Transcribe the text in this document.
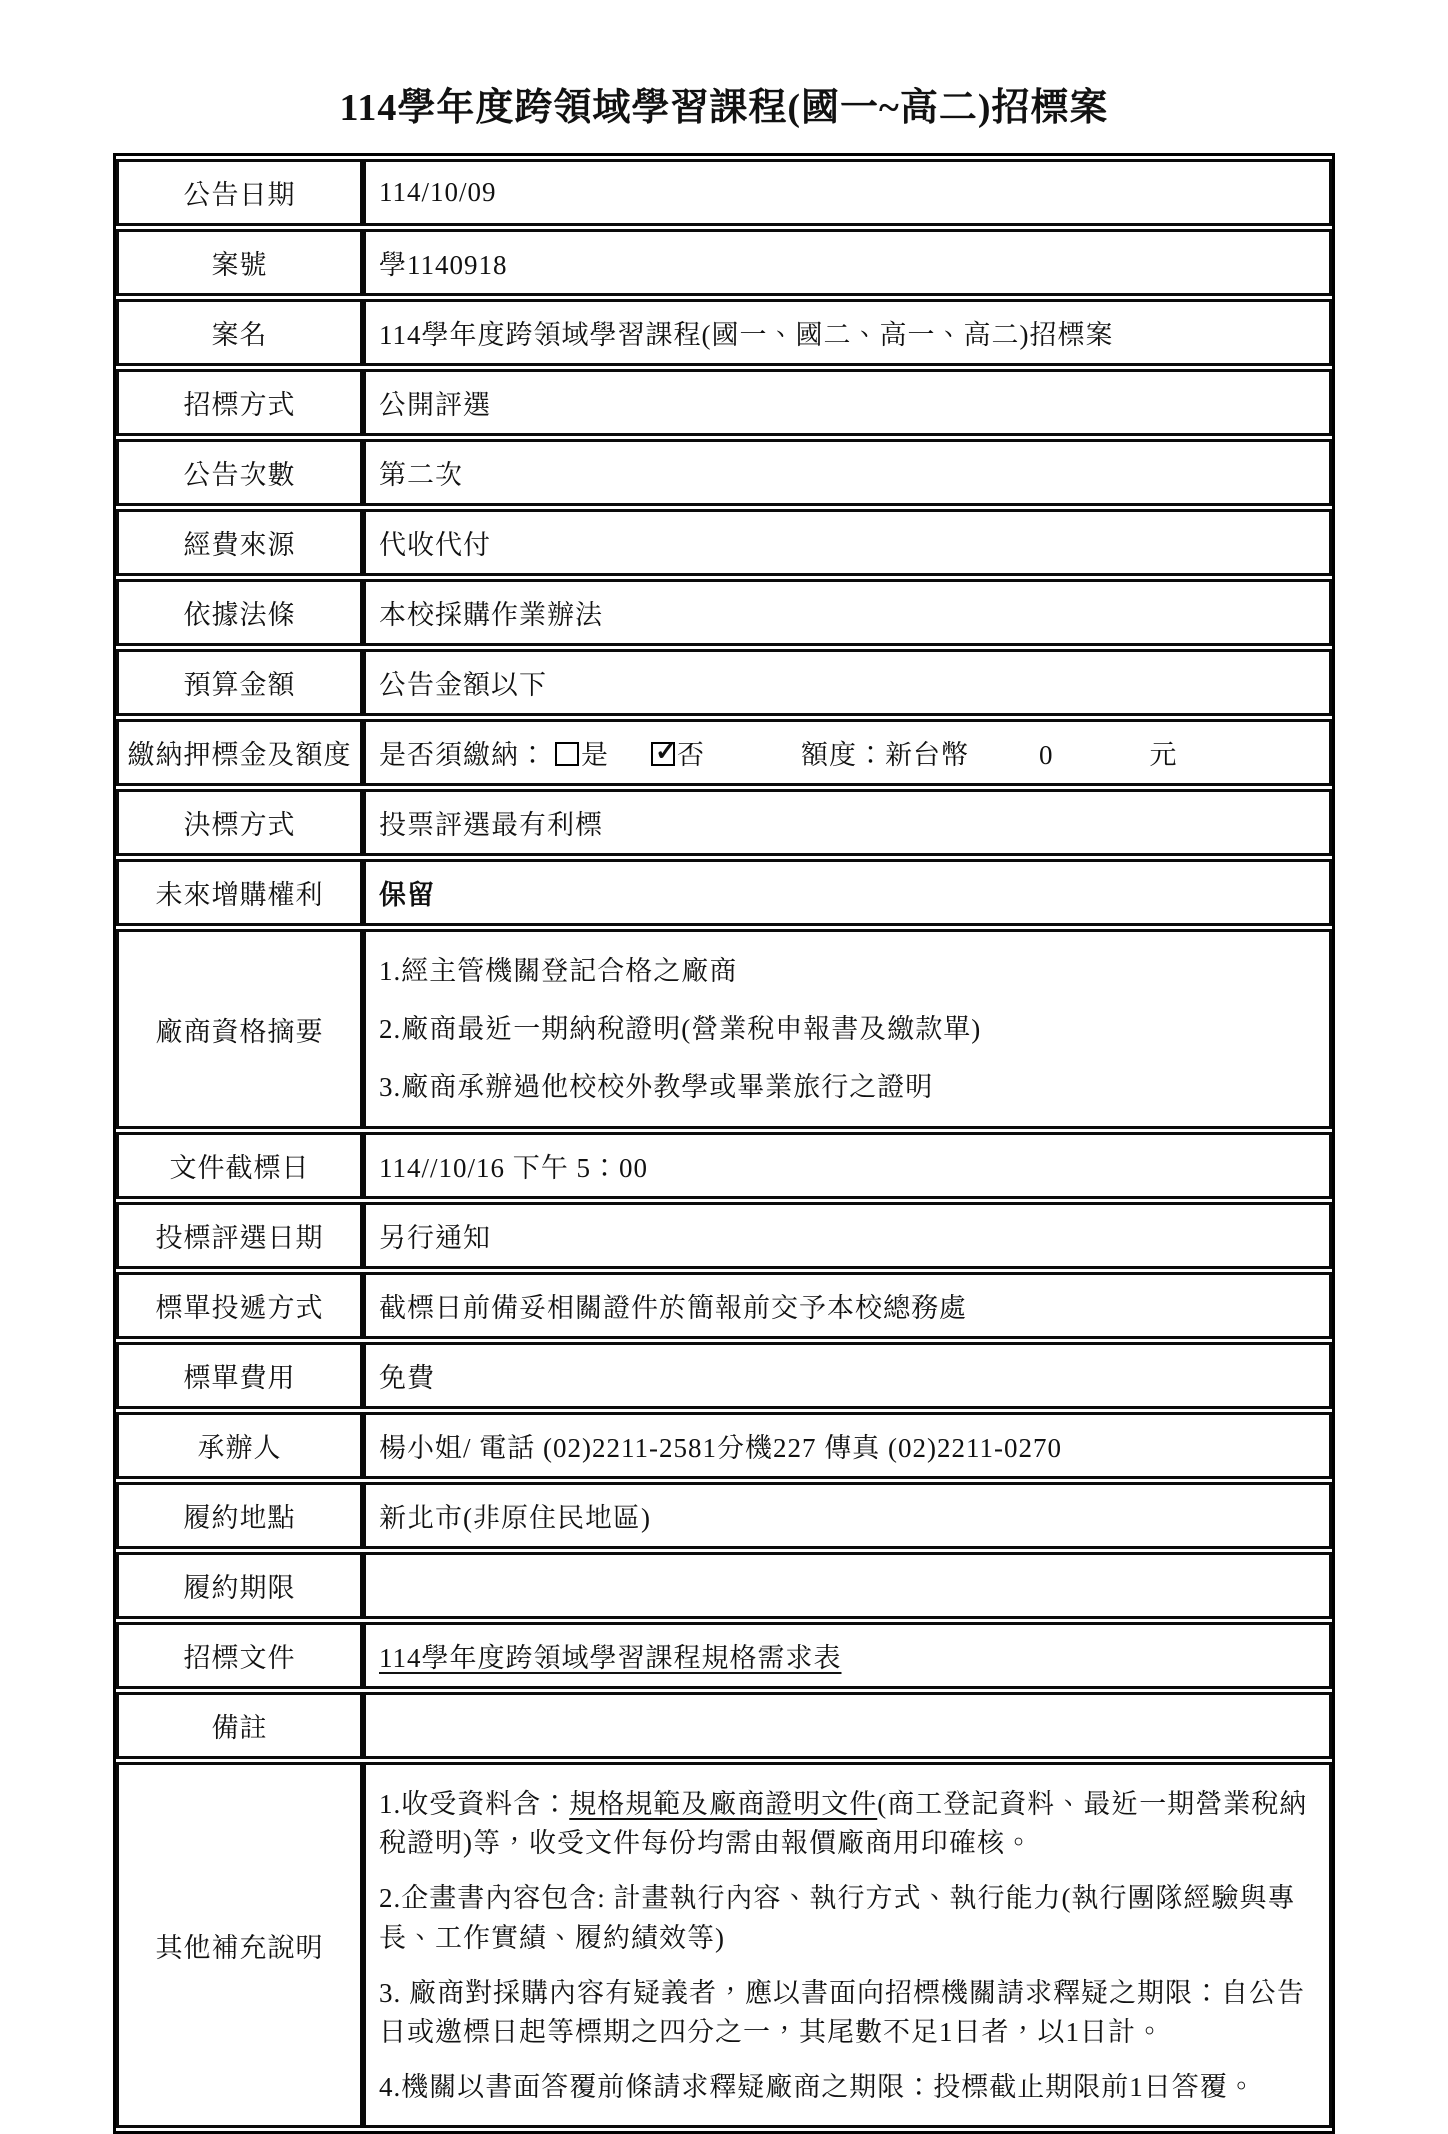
114學年度跨領域學習課程(國一~高二)招標案
公告日期	114/10/09
案號	學1140918
案名	114學年度跨領域學習課程(國一、國二、高一、高二)招標案
招標方式	公開評選
公告次數	第二次
經費來源	代收代付
依據法條	本校採購作業辦法
預算金額	公告金額以下
繳納押標金及額度	是否須繳納： 是 ✓ 否 額度：新台幣 0 元
決標方式	投票評選最有利標
未來增購權利	保留
廠商資格摘要	1.經主管機關登記合格之廠商
2.廠商最近一期納稅證明(營業稅申報書及繳款單)
3.廠商承辦過他校校外教學或畢業旅行之證明

文件截標日	114//10/16 下午 5：00
投標評選日期	另行通知
標單投遞方式	截標日前備妥相關證件於簡報前交予本校總務處
標單費用	免費
承辦人	楊小姐/ 電話 (02)2211-2581分機227 傳真 (02)2211-0270
履約地點	新北市(非原住民地區)
履約期限	
招標文件	114學年度跨領域學習課程規格需求表
備註	
其他補充說明	1.收受資料含：規格規範及廠商證明文件(商工登記資料、最近一期營業稅納稅證明)等，收受文件每份均需由報價廠商用印確核。

2.企畫書內容包含: 計畫執行內容、執行方式、執行能力(執行團隊經驗與專長、工作實績、履約績效等)

3. 廠商對採購內容有疑義者，應以書面向招標機關請求釋疑之期限：自公告日或邀標日起等標期之四分之一，其尾數不足1日者，以1日計。

4.機關以書面答覆前條請求釋疑廠商之期限：投標截止期限前1日答覆。
